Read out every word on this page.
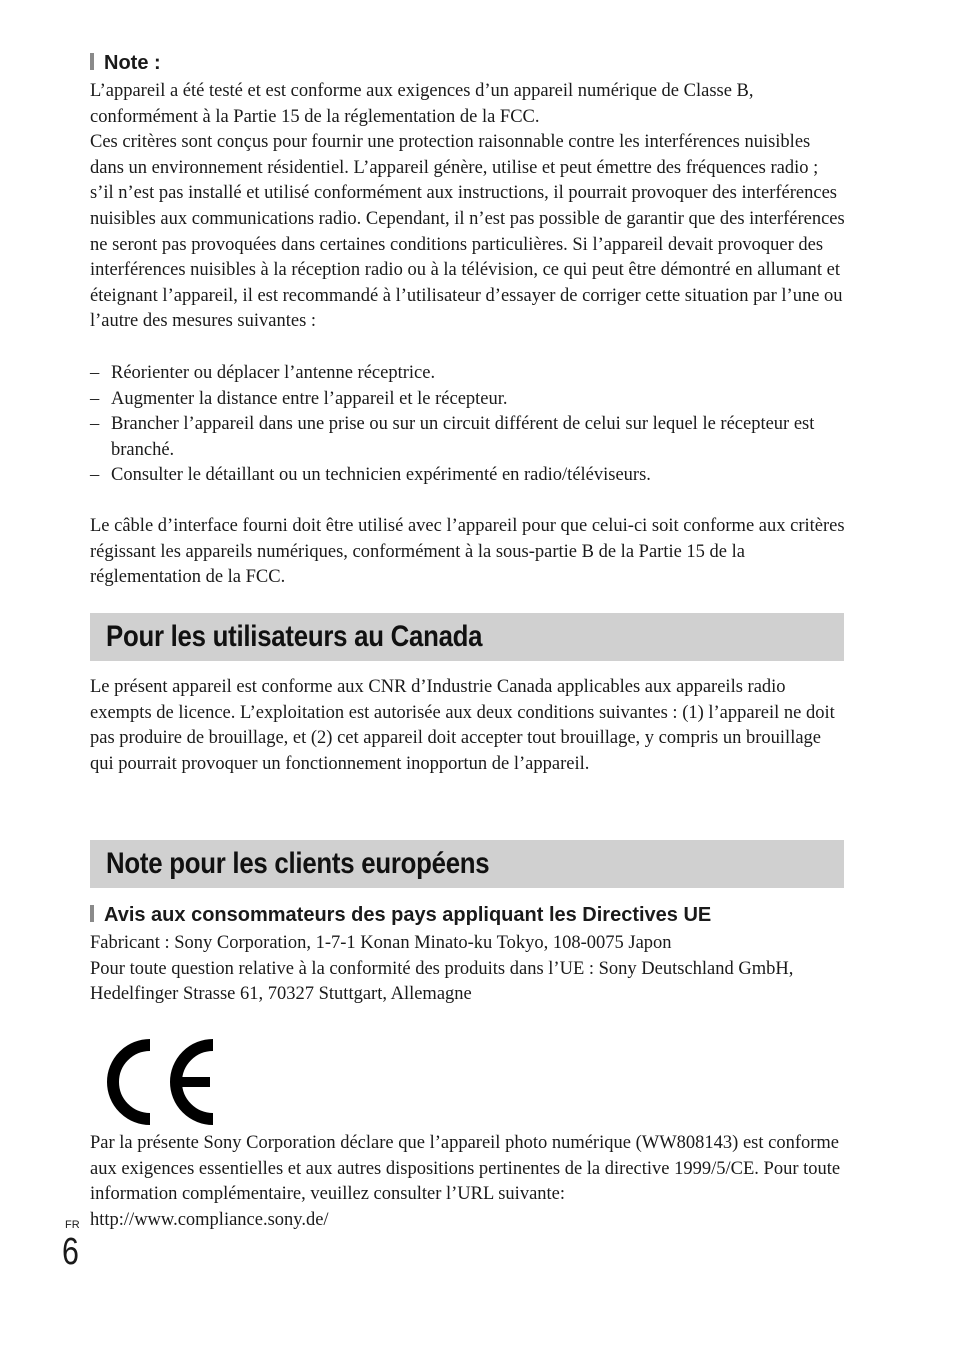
Note :

L’appareil a été testé et est conforme aux exigences d’un appareil numérique de Classe B, conformément à la Partie 15 de la réglementation de la FCC.

Ces critères sont conçus pour fournir une protection raisonnable contre les interférences nuisibles dans un environnement résidentiel. L’appareil génère, utilise et peut émettre des fréquences radio ; s’il n’est pas installé et utilisé conformément aux instructions, il pourrait provoquer des interférences nuisibles aux communications radio. Cependant, il n’est pas possible de garantir que des interférences ne seront pas provoquées dans certaines conditions particulières. Si l’appareil devait provoquer des interférences nuisibles à la réception radio ou à la télévision, ce qui peut être démontré en allumant et éteignant l’appareil, il est recommandé à l’utilisateur d’essayer de corriger cette situation par l’une ou l’autre des mesures suivantes :

– Réorienter ou déplacer l’antenne réceptrice.
– Augmenter la distance entre l’appareil et le récepteur.
– Brancher l’appareil dans une prise ou sur un circuit différent de celui sur lequel le récepteur est branché.
– Consulter le détaillant ou un technicien expérimenté en radio/téléviseurs.
Le câble d’interface fourni doit être utilisé avec l’appareil pour que celui-ci soit conforme aux critères régissant les appareils numériques, conformément à la sous-partie B de la Partie 15 de la réglementation de la FCC.
Pour les utilisateurs au Canada
Le présent appareil est conforme aux CNR d’Industrie Canada applicables aux appareils radio exempts de licence. L’exploitation est autorisée aux deux conditions suivantes : (1) l’appareil ne doit pas produire de brouillage, et (2) cet appareil doit accepter tout brouillage, y compris un brouillage qui pourrait provoquer un fonctionnement inopportun de l’appareil.
Note pour les clients européens
Avis aux consommateurs des pays appliquant les Directives UE

Fabricant : Sony Corporation, 1-7-1 Konan Minato-ku Tokyo, 108-0075 Japon

Pour toute question relative à la conformité des produits dans l’UE : Sony Deutschland GmbH, Hedelfinger Strasse 61, 70327 Stuttgart, Allemagne

Par la présente Sony Corporation déclare que l’appareil photo numérique (WW808143) est conforme aux exigences essentielles et aux autres dispositions pertinentes de la directive 1999/5/CE. Pour toute information complémentaire, veuillez consulter l’URL suivante:

http://www.compliance.sony.de/

FR
6
